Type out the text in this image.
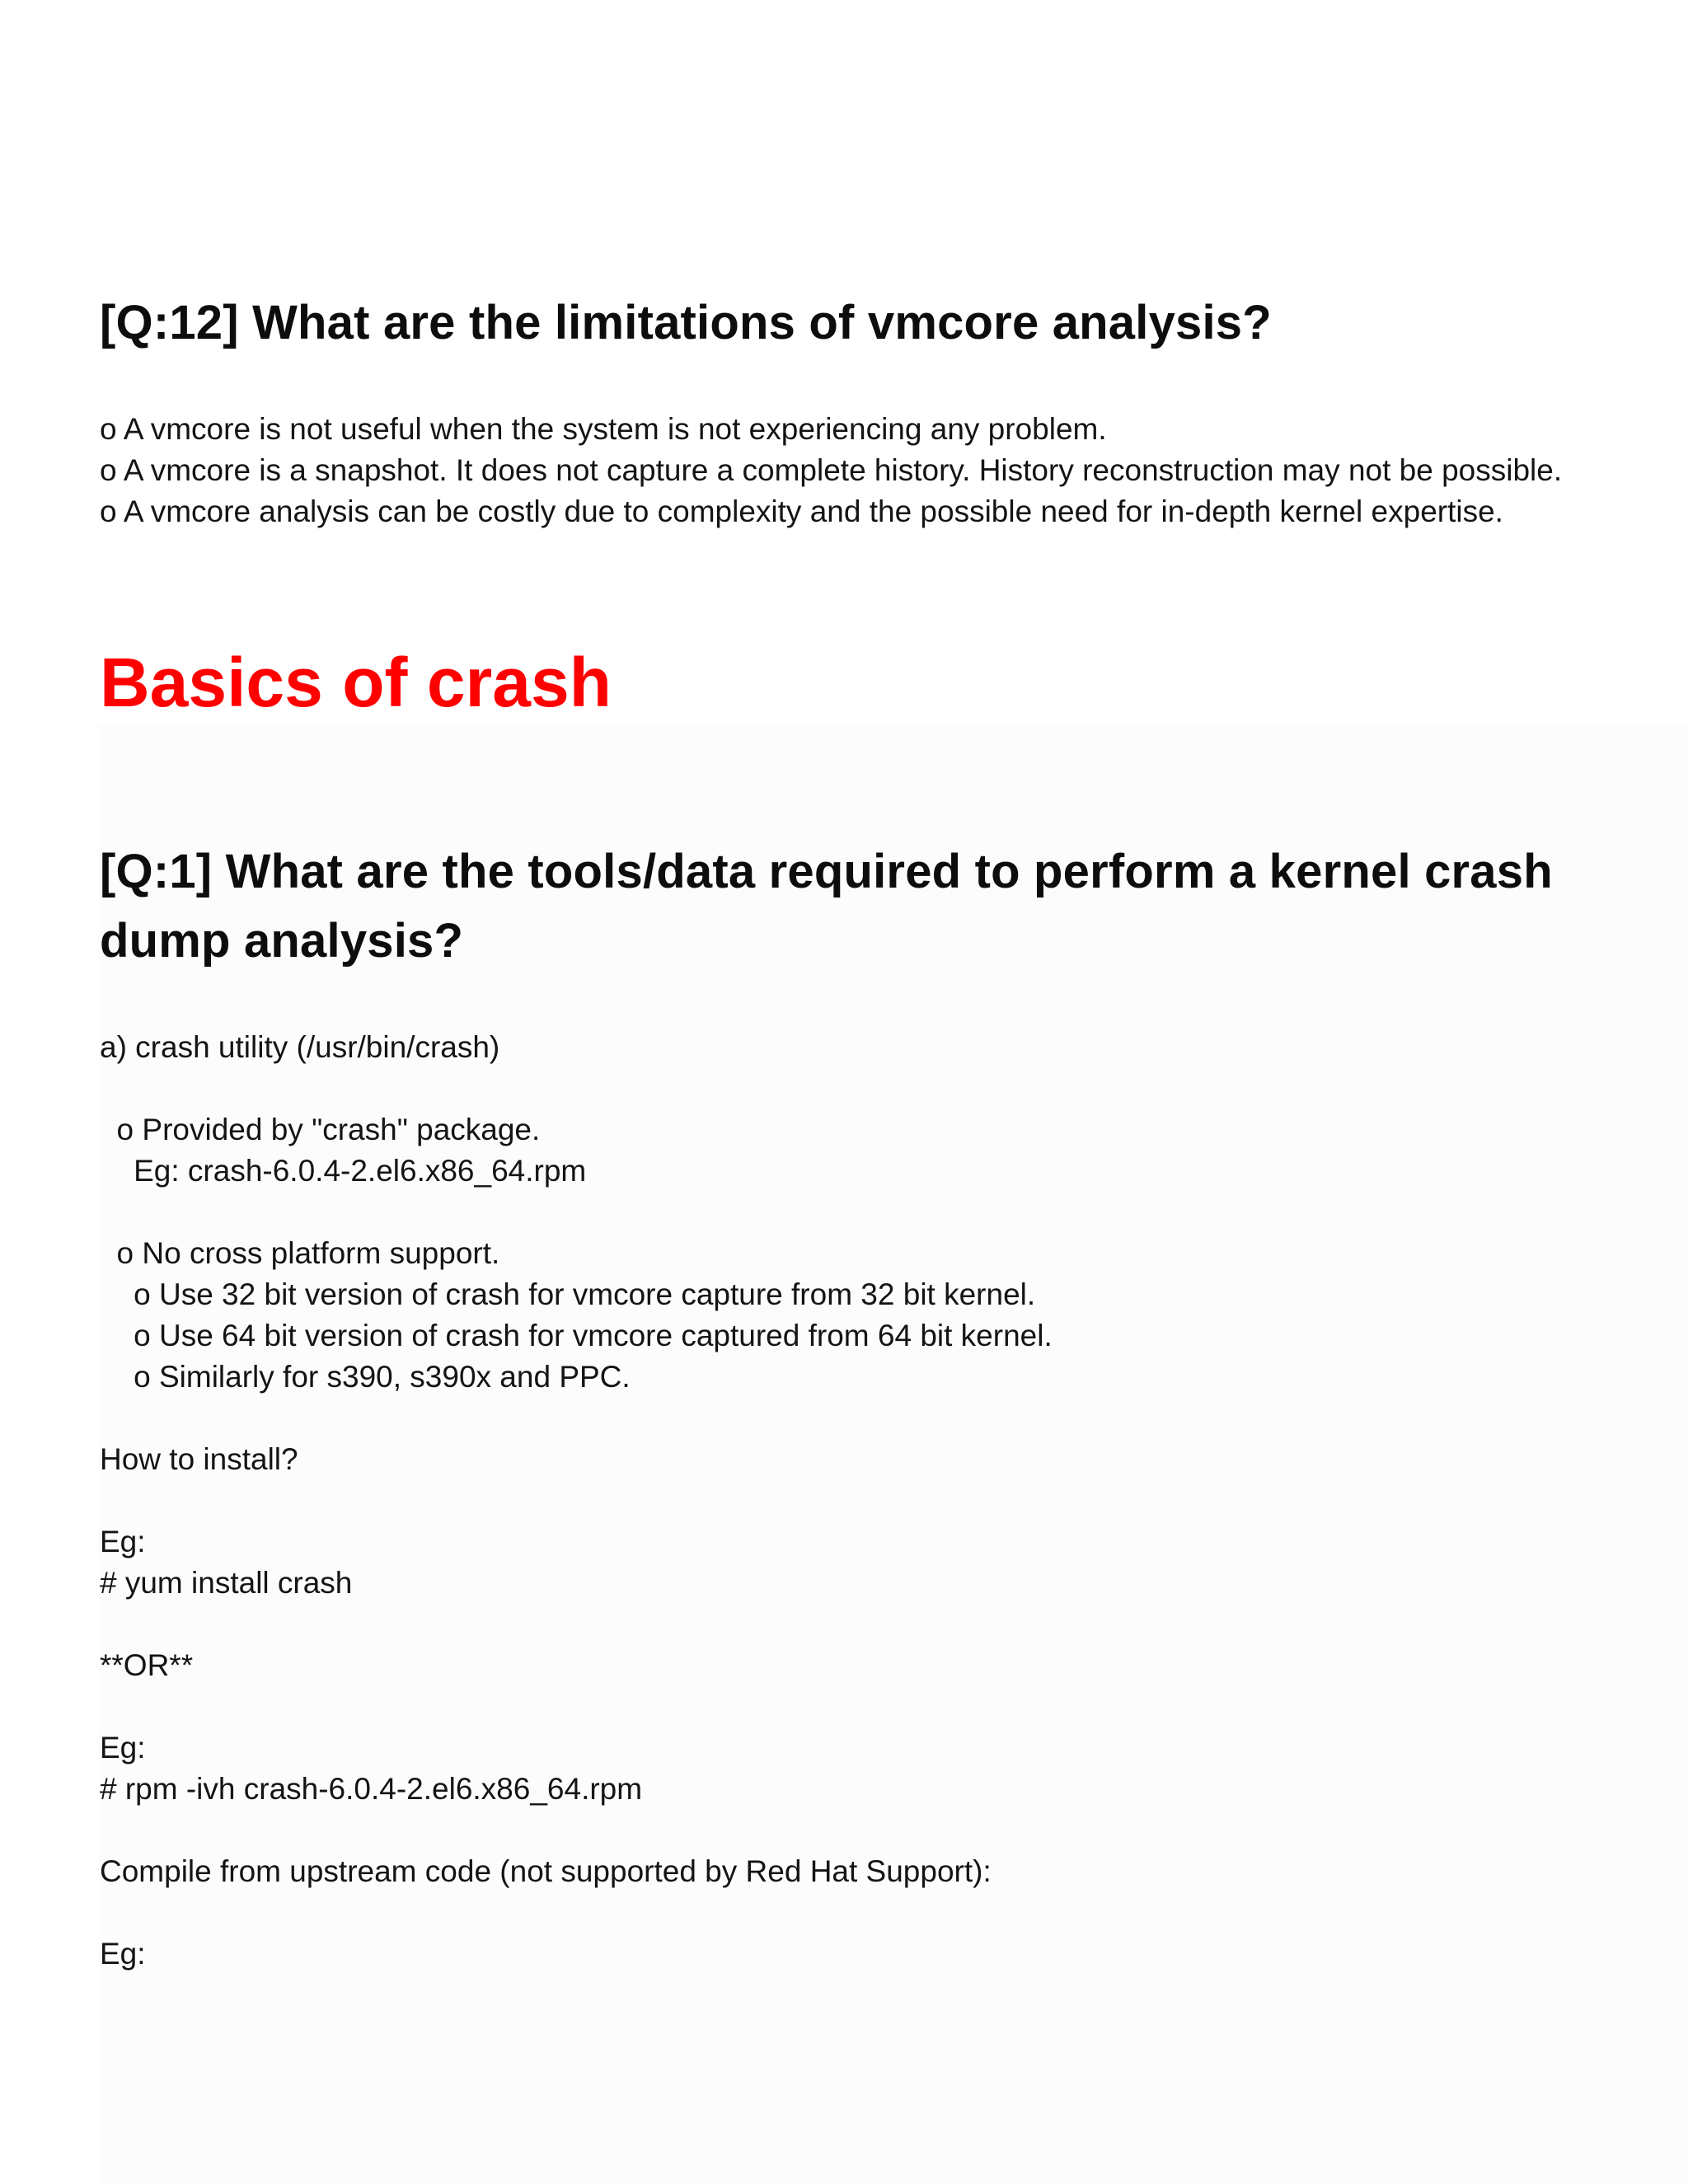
[Q:12] What are the limitations of vmcore analysis?
o A vmcore is not useful when the system is not experiencing any problem.
o A vmcore is a snapshot. It does not capture a complete history. History reconstruction may not be possible.
o A vmcore analysis can be costly due to complexity and the possible need for in-depth kernel expertise.
Basics of crash
[Q:1] What are the tools/data required to perform a kernel crash
dump analysis?
a) crash utility (/usr/bin/crash)
o Provided by "crash" package.
Eg: crash-6.0.4-2.el6.x86_64.rpm
o No cross platform support.
o Use 32 bit version of crash for vmcore capture from 32 bit kernel.
o Use 64 bit version of crash for vmcore captured from 64 bit kernel.
o Similarly for s390, s390x and PPC.
How to install?
Eg:
# yum install crash
**OR**
Eg:
# rpm -ivh crash-6.0.4-2.el6.x86_64.rpm
Compile from upstream code (not supported by Red Hat Support):
Eg:
